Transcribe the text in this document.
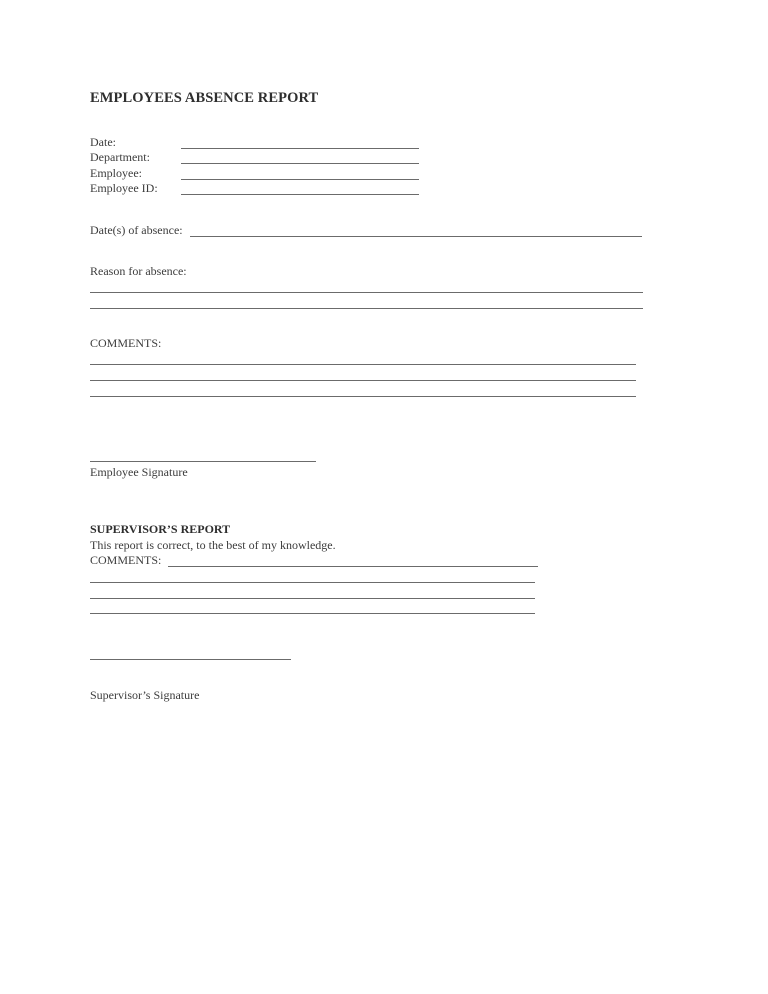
EMPLOYEES ABSENCE REPORT
Date:
Department:
Employee:
Employee ID:
Date(s) of absence:
Reason for absence:
COMMENTS:
Employee Signature
SUPERVISOR’S REPORT
This report is correct, to the best of my knowledge.
COMMENTS:
Supervisor’s Signature
